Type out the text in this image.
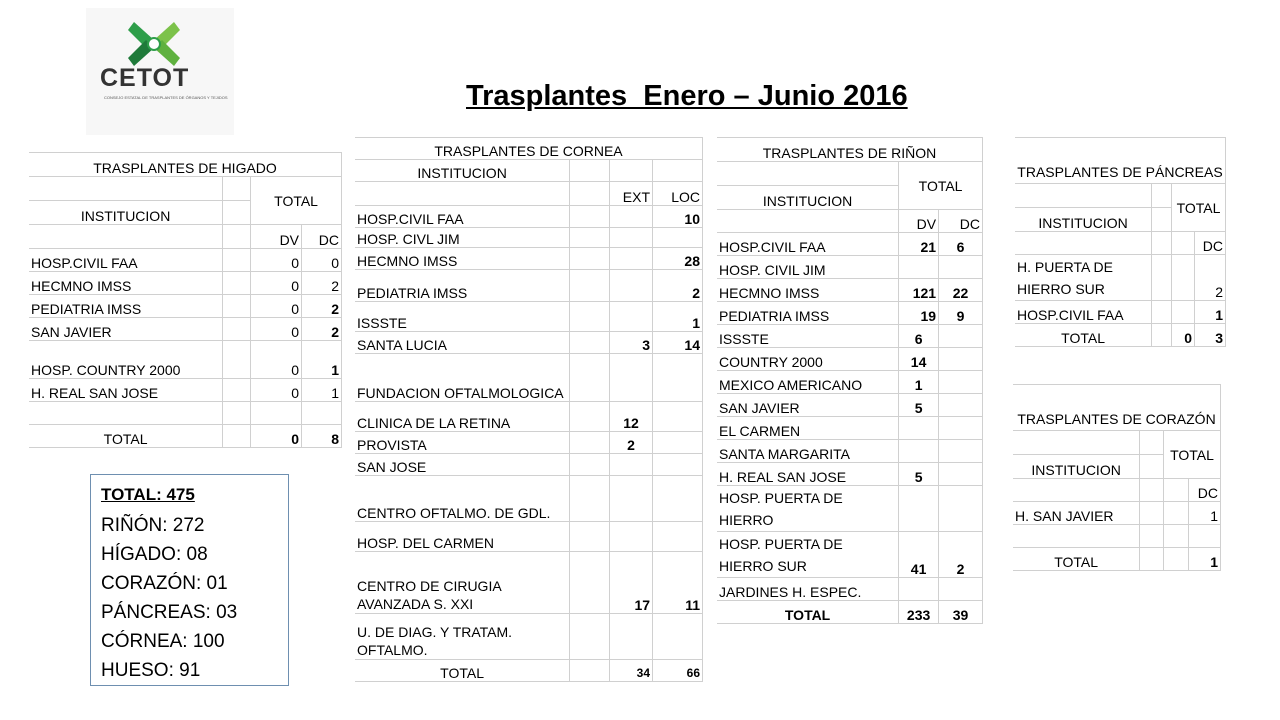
CETOT
CONSEJO ESTATAL DE TRASPLANTES DE ÓRGANOS Y TEJIDOS	Trasplantes  Enero – Junio 2016
TRASPLANTES DE HIGADO			
		TOTAL	
INSTITUCION			
		DV	DC
HOSP.CIVIL FAA		0	0
HECMNO IMSS		0	2
PEDIATRIA IMSS		0	2
SAN JAVIER		0	2
HOSP. COUNTRY 2000		0	1
H. REAL SAN JOSE		0	1

TOTAL		0	8
TOTAL: 475
RIÑÓN: 272
HÍGADO: 08
CORAZÓN: 01
PÁNCREAS: 03
CÓRNEA: 100
HUESO: 91
TRASPLANTES DE CORNEA			
INSTITUCION			
		EXT	LOC
HOSP.CIVIL FAA			10
HOSP. CIVL JIM			
HECMNO IMSS			28
PEDIATRIA IMSS			2
ISSSTE			1
SANTA LUCIA		3	14
FUNDACION OFTALMOLOGICA			
CLINICA DE LA RETINA		12	
PROVISTA		2	
SAN JOSE			
CENTRO OFTALMO. DE GDL.			
HOSP. DEL CARMEN			
CENTRO DE CIRUGIA AVANZADA S. XXI		17	11
U. DE DIAG. Y TRATAM. OFTALMO.			
TOTAL		34	66
TRASPLANTES DE RIÑON		
	TOTAL	
INSTITUCION		
	DV	DC
HOSP.CIVIL FAA	21	6
HOSP. CIVIL JIM		
HECMNO IMSS	121	22
PEDIATRIA IMSS	19	9
ISSSTE	6	
COUNTRY 2000	14	
MEXICO AMERICANO	1	
SAN JAVIER	5	
EL CARMEN		
SANTA MARGARITA		
H. REAL SAN JOSE	5	
HOSP. PUERTA DE HIERRO		
HOSP. PUERTA DE HIERRO SUR	41	2
JARDINES H. ESPEC.		
TOTAL	233	39
TRASPLANTES DE PÁNCREAS			
		TOTAL	
INSTITUCION			
			DC
H. PUERTA DE HIERRO SUR			2
HOSP.CIVIL FAA			1
TOTAL		0	3
TRASPLANTES DE CORAZÓN			
		TOTAL	
INSTITUCION			
			DC
H. SAN JAVIER			1

TOTAL			1
